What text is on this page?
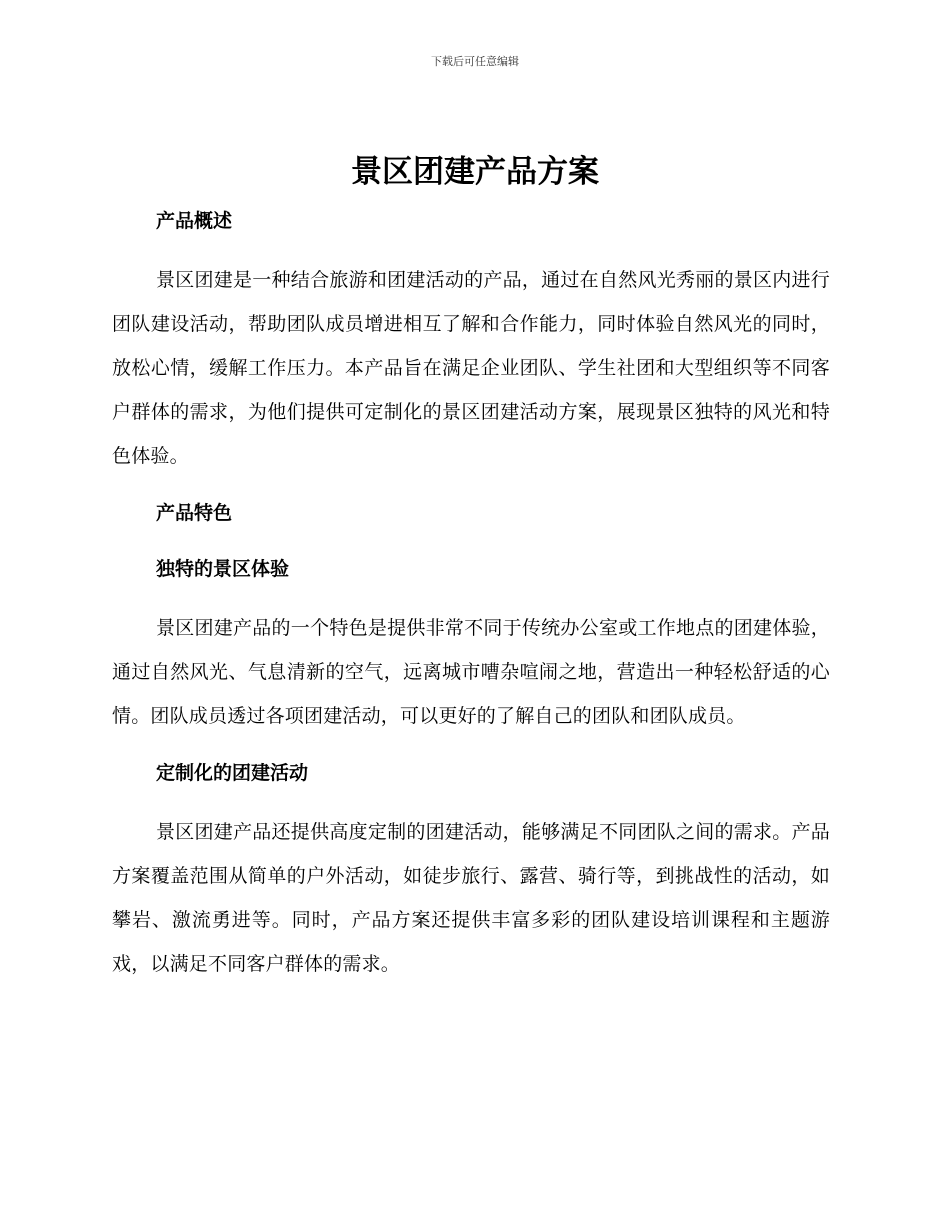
下载后可任意编辑
景区团建产品方案
产品概述

景区团建是一种结合旅游和团建活动的产品，通过在自然风光秀丽的景区内进行团队建设活动，帮助团队成员增进相互了解和合作能力，同时体验自然风光的同时，放松心情，缓解工作压力。本产品旨在满足企业团队、学生社团和大型组织等不同客户群体的需求，为他们提供可定制化的景区团建活动方案，展现景区独特的风光和特色体验。

产品特色
独特的景区体验

景区团建产品的一个特色是提供非常不同于传统办公室或工作地点的团建体验，通过自然风光、气息清新的空气，远离城市嘈杂喧闹之地，营造出一种轻松舒适的心情。团队成员透过各项团建活动，可以更好的了解自己的团队和团队成员。

定制化的团建活动

景区团建产品还提供高度定制的团建活动，能够满足不同团队之间的需求。产品方案覆盖范围从简单的户外活动，如徒步旅行、露营、骑行等，到挑战性的活动，如攀岩、激流勇进等。同时，产品方案还提供丰富多彩的团队建设培训课程和主题游戏，以满足不同客户群体的需求。
